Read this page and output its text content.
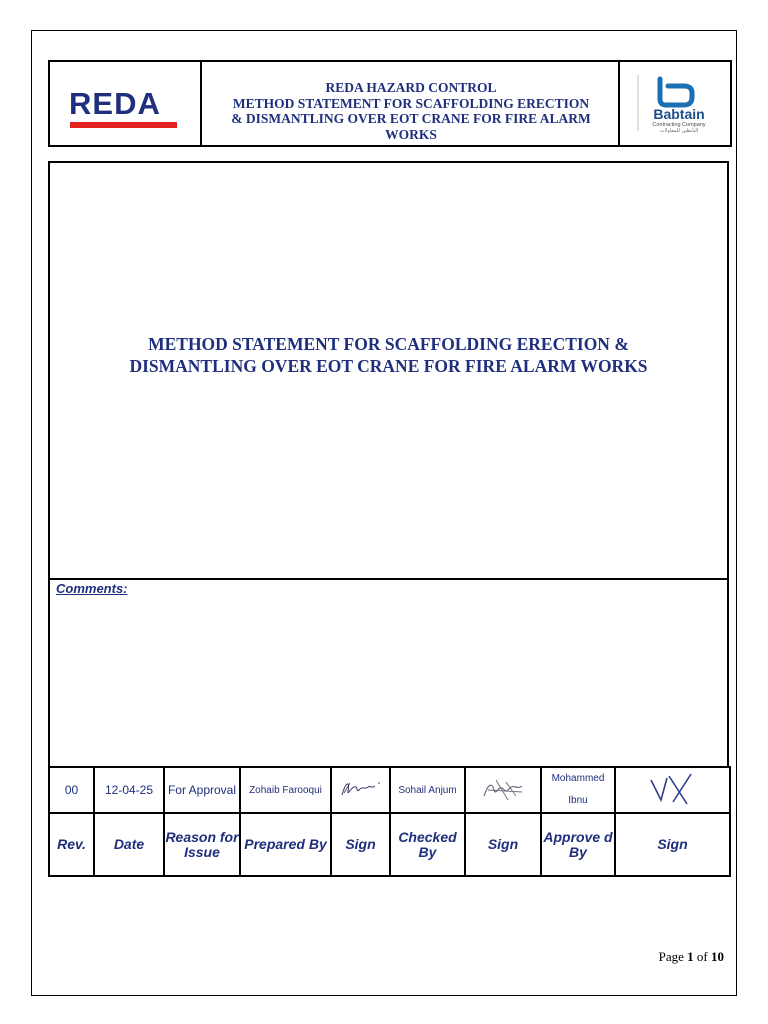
REDA	REDA HAZARD CONTROL
METHOD STATEMENT FOR SCAFFOLDING ERECTION
& DISMANTLING OVER EOT CRANE FOR FIRE ALARM
WORKS
Babtain
Contracting Company
البابطين للمقاولات
METHOD STATEMENT FOR SCAFFOLDING ERECTION &
DISMANTLING OVER EOT CRANE FOR FIRE ALARM WORKS
Comments:
00	12-04-25	For Approval	Zohaib Farooqui		Sohail Anjum		Mohammed
Ibnu

Rev.	Date	Reason for Issue	Prepared By	Sign	Checked By	Sign	Approve d By	Sign
Page 1 of 10
